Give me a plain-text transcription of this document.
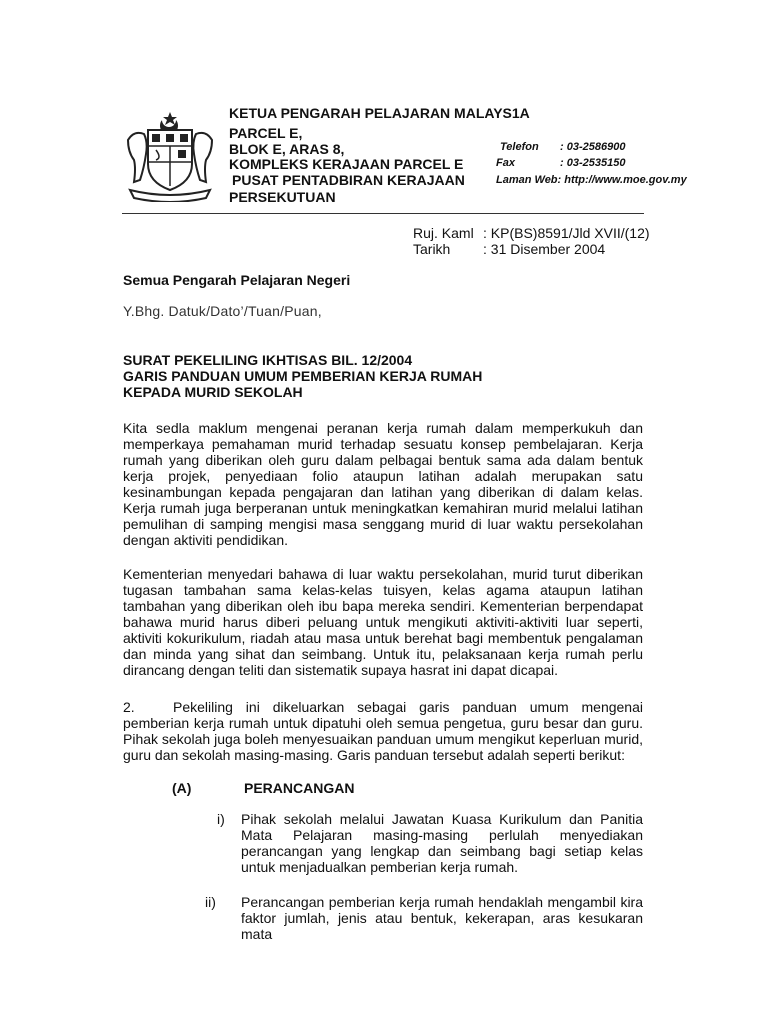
KETUA PENGARAH PELAJARAN MALAYS1A
PARCEL E,
BLOK E, ARAS 8,
KOMPLEKS KERAJAAN PARCEL E
PUSAT PENTADBIRAN KERAJAAN
PERSEKUTUAN
Telefon : 03-2586900
Fax	: 03-2535150
Laman Web: http://www.moe.gov.my
Ruj. Kaml : KP(BS)8591/Jld XVII/(12)
Tarikh : 31 Disember 2004
Semua Pengarah Pelajaran Negeri
Y.Bhg. Datuk/Dato’/Tuan/Puan,
SURAT PEKELILING IKHTISAS BIL. 12/2004
GARIS PANDUAN UMUM PEMBERIAN KERJA RUMAH
KEPADA MURID SEKOLAH

Kita sedla maklum mengenai peranan kerja rumah dalam memperkukuh dan memperkaya pemahaman murid terhadap sesuatu konsep pembelajaran. Kerja rumah yang diberikan oleh guru dalam pelbagai bentuk sama ada dalam bentuk kerja projek, penyediaan folio ataupun latihan adalah merupakan satu kesinambungan kepada pengajaran dan latihan yang diberikan di dalam kelas. Kerja rumah juga berperanan untuk meningkatkan kemahiran murid melalui latihan pemulihan di samping mengisi masa senggang murid di luar waktu persekolahan dengan aktiviti pendidikan.

Kementerian menyedari bahawa di luar waktu persekolahan, murid turut diberikan tugasan tambahan sama kelas-kelas tuisyen, kelas agama ataupun latihan tambahan yang diberikan oleh ibu bapa mereka sendiri. Kementerian berpendapat bahawa murid harus diberi peluang untuk mengikuti aktiviti-aktiviti luar seperti, aktiviti kokurikulum, riadah atau masa untuk berehat bagi membentuk pengalaman dan minda yang sihat dan seimbang. Untuk itu, pelaksanaan kerja rumah perlu dirancang dengan teliti dan sistematik supaya hasrat ini dapat dicapai.

2.	Pekeliling ini dikeluarkan sebagai garis panduan umum mengenai

pemberian kerja rumah untuk dipatuhi oleh semua pengetua, guru besar dan guru. Pihak sekolah juga boleh menyesuaikan panduan umum mengikut keperluan murid, guru dan sekolah masing-masing. Garis panduan tersebut adalah seperti berikut:

(A)	PERANCANGAN
i) Pihak sekolah melalui Jawatan Kuasa Kurikulum dan Panitia Mata Pelajaran masing-masing perlulah menyediakan perancangan yang lengkap dan seimbang bagi setiap kelas untuk menjadualkan pemberian kerja rumah.
ii) Perancangan pemberian kerja rumah hendaklah mengambil kira faktor jumlah, jenis atau bentuk, kekerapan, aras kesukaran mata
